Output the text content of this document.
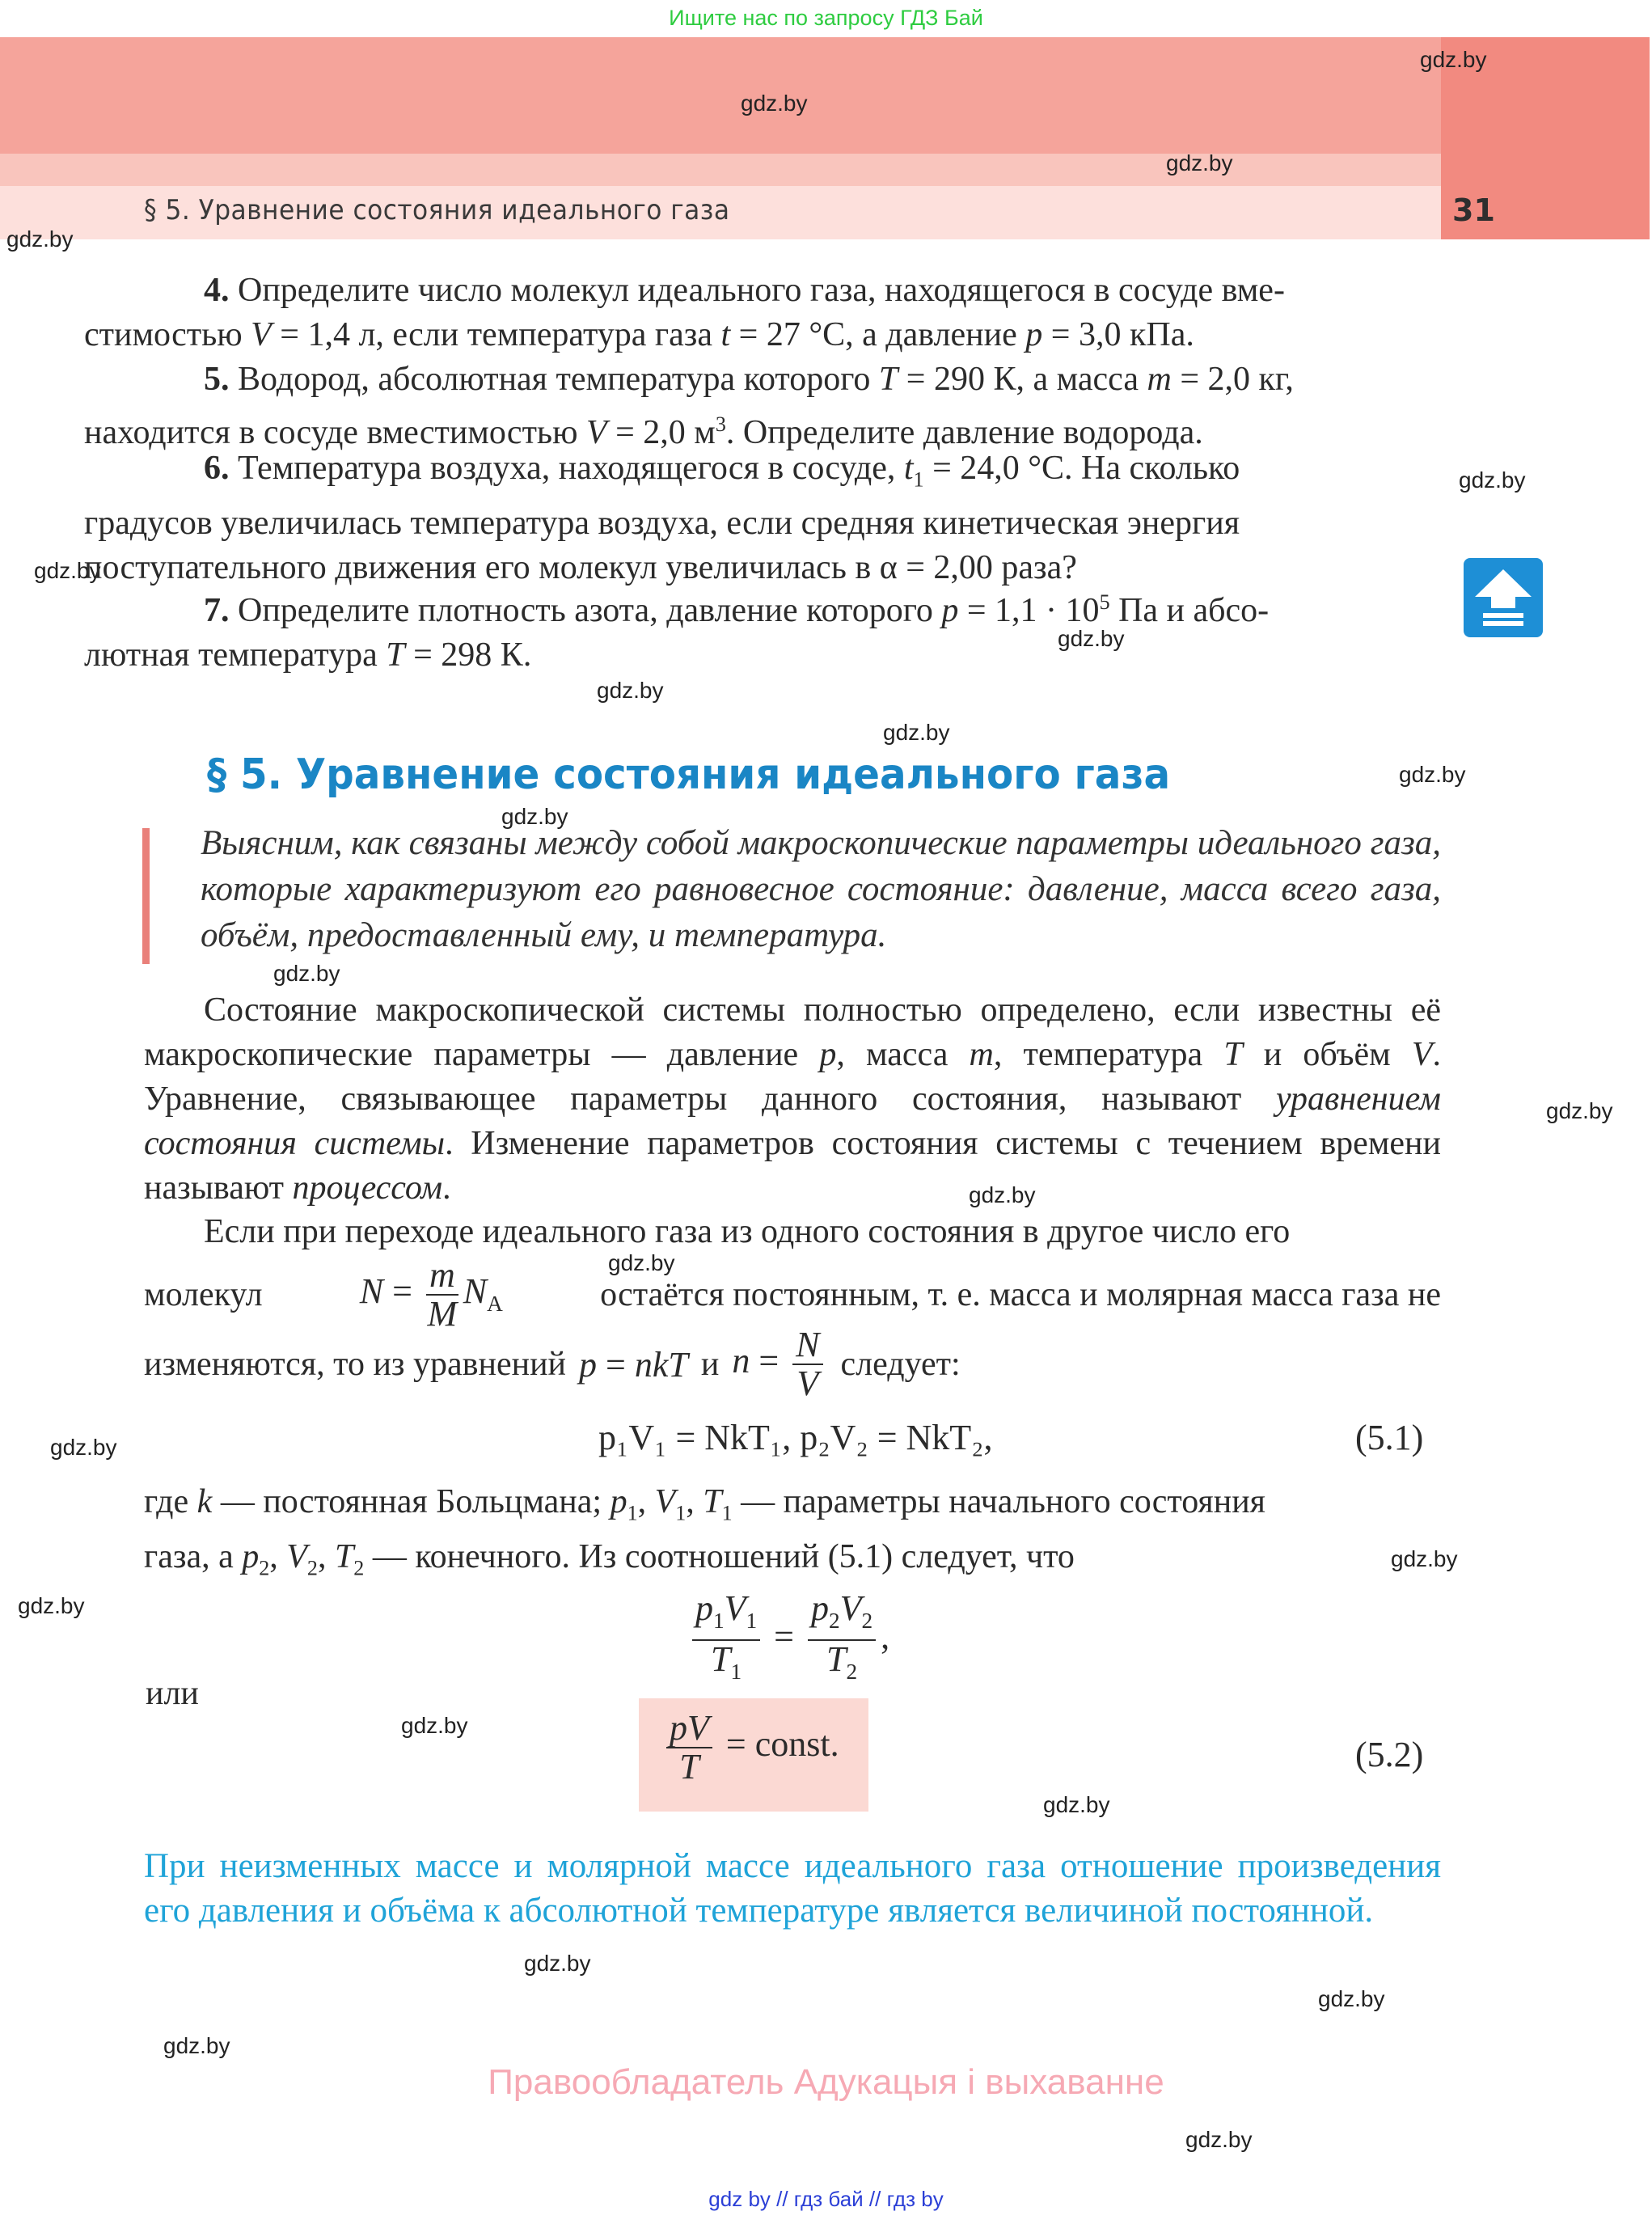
Ищите нас по запросу ГДЗ Бай
§ 5. Уравнение состояния идеального газа	31
gdz.by
gdz.by
gdz.by
gdz.by
gdz.by
gdz.by
gdz.by
gdz.by
gdz.by
gdz.by
gdz.by
gdz.by
gdz.by
gdz.by
gdz.by
gdz.by
gdz.by
gdz.by
gdz.by
gdz.by
gdz.by
gdz.by
gdz.by
gdz.by
4. Определите число молекул идеального газа, находящегося в сосуде вме-
стимостью V = 1,4 л, если температура газа t = 27 °С, а давление p = 3,0 кПа.
5. Водород, абсолютная температура которого T = 290 К, а масса m = 2,0 кг,
находится в сосуде вместимостью V = 2,0 $м^3$. Определите давление водорода.
6. Температура воздуха, находящегося в сосуде, $t_1 = 24,0$ °С. На сколько
градусов увеличилась температура воздуха, если средняя кинетическая энергия
поступательного движения его молекул увеличилась в α = 2,00 раза?
7. Определите плотность азота, давление которого $p = 1,1 \cdot 10^5$ Па и абсо-
лютная температура T = 298 К.
§ 5. Уравнение состояния идеального газа
Выясним, как связаны между собой макроскопические параметры идеального газа, которые характеризуют его равновесное состояние: давление, масса всего газа, объём, предоставленный ему, и температура.
Состояние макроскопической системы полностью определено, если известны её макроскопические параметры — давление p, масса m, температура T и объём V. Уравнение, связывающее параметры данного состояния, называют уравнением состояния системы. Изменение параметров состояния системы с течением времени называют процессом.
Если при переходе идеального газа из одного состояния в другое число его
молекул	$N = \frac{m}{M} N_A$	остаётся постоянным, т. е. масса и молярная масса газа не
изменяются, то из уравнений p = nkT и $n = \frac{N}{V}$ следует:
p₁V₁ = NkT₁, p₂V₂ = NkT₂,	(5.1)
где k — постоянная Больцмана; $p_1$, $V_1$, $T_1$ — параметры начального состояния
газа, а $p_2$, $V_2$, $T_2$ — конечного. Из соотношений (5.1) следует, что
$\frac{p_1V_1}{T_1} = \frac{p_2V_2}{T_2}$ ,
или
$\frac{pV}{T}$ = const.	(5.2)
При неизменных массе и молярной массе идеального газа отношение произведения его давления и объёма к абсолютной температуре является величиной постоянной.
Правообладатель Адукацыя і выхаванне
gdz by // гдз бай // гдз by
